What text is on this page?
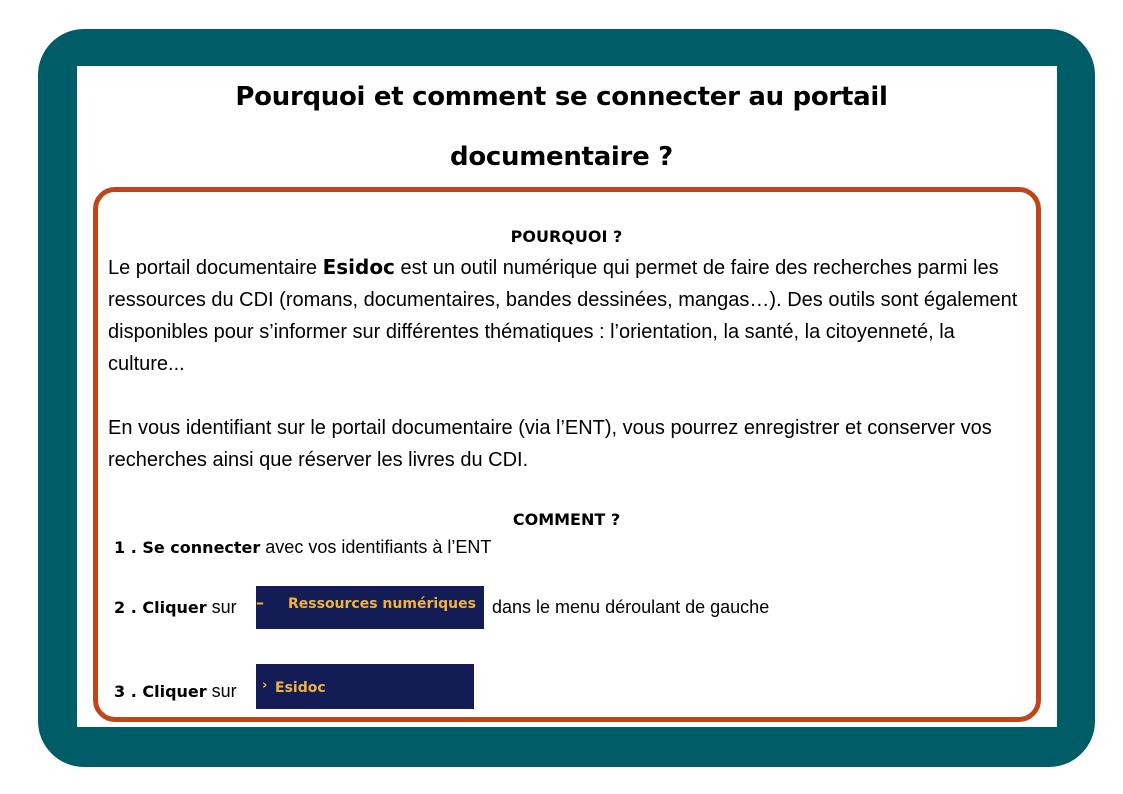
Pourquoi et comment se connecter au portail
documentaire ?
POURQUOI ?

Le portail documentaire Esidoc est un outil numérique qui permet de faire des recherches parmi les ressources du CDI (romans, documentaires, bandes dessinées, mangas…). Des outils sont également disponibles pour s’informer sur différentes thématiques : l’orientation, la santé, la citoyenneté, la culture...

En vous identifiant sur le portail documentaire (via l’ENT), vous pourrez enregistrer et conserver vos recherches ainsi que réserver les livres du CDI.

COMMENT ?

1 . Se connecter avec vos identifiants à l’ENT

2 . Cliquer sur – Ressources numériques dans le menu déroulant de gauche

3 . Cliquer sur › Esidoc
